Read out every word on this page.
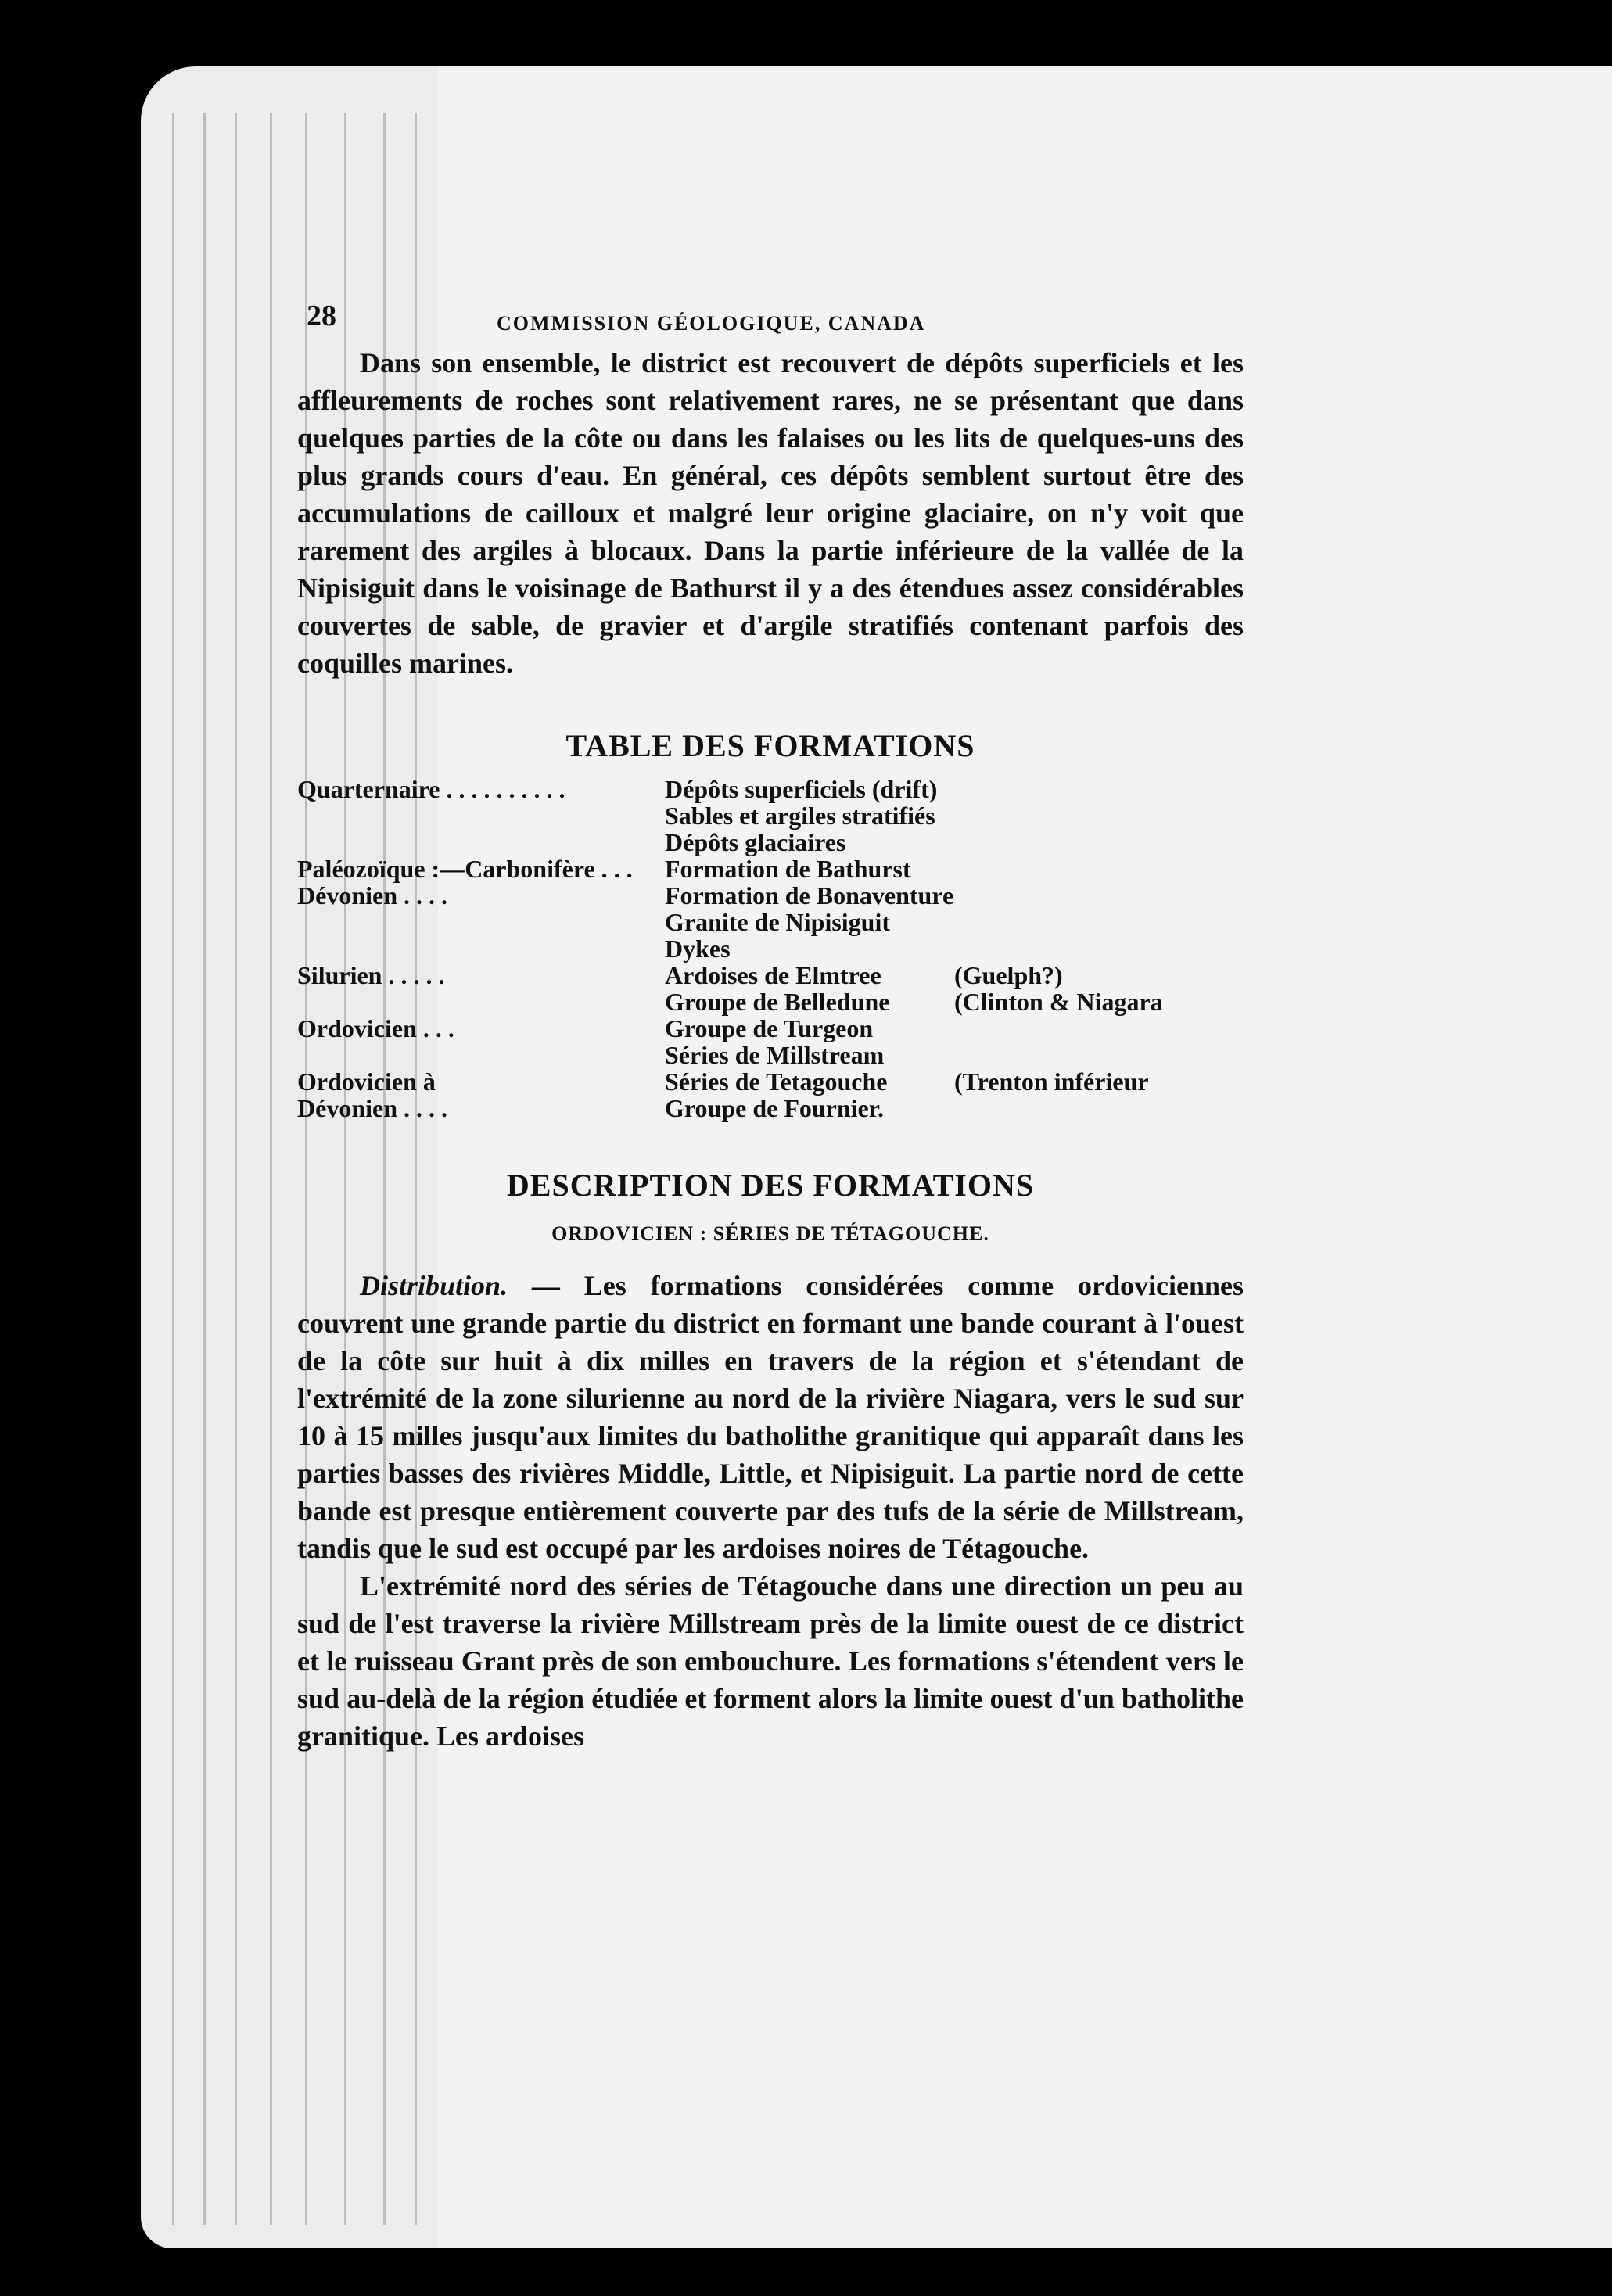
28	COMMISSION GÉOLOGIQUE, CANADA

Dans son ensemble, le district est recouvert de dépôts superficiels et les affleurements de roches sont relativement rares, ne se présentant que dans quelques parties de la côte ou dans les falaises ou les lits de quelques-uns des plus grands cours d'eau. En général, ces dépôts semblent surtout être des accumulations de cailloux et malgré leur origine glaciaire, on n'y voit que rarement des argiles à blocaux. Dans la partie inférieure de la vallée de la Nipisiguit dans le voisinage de Bathurst il y a des étendues assez considérables couvertes de sable, de gravier et d'argile stratifiés contenant parfois des coquilles marines.

TABLE DES FORMATIONS
Quarternaire . . . . . . . . . .	Dépôts superficiels (drift)	
	Sables et argiles stratifiés	
	Dépôts glaciaires	
Paléozoïque :—Carbonifère . . .	Formation de Bathurst	
Dévonien . . . .	Formation de Bonaventure	
	Granite de Nipisiguit	
	Dykes	
Silurien . . . . .	Ardoises de Elmtree	(Guelph?)
	Groupe de Belledune	(Clinton & Niagara
Ordovicien . . .	Groupe de Turgeon	
	Séries de Millstream	
Ordovicien à	Séries de Tetagouche	(Trenton inférieur
Dévonien . . . .	Groupe de Fournier.	
DESCRIPTION DES FORMATIONS
ORDOVICIEN : SÉRIES DE TÉTAGOUCHE.

Distribution. — Les formations considérées comme ordoviciennes couvrent une grande partie du district en formant une bande courant à l'ouest de la côte sur huit à dix milles en travers de la région et s'étendant de l'extrémité de la zone silurienne au nord de la rivière Niagara, vers le sud sur 10 à 15 milles jusqu'aux limites du batholithe granitique qui apparaît dans les parties basses des rivières Middle, Little, et Nipisiguit. La partie nord de cette bande est presque entièrement couverte par des tufs de la série de Millstream, tandis que le sud est occupé par les ardoises noires de Tétagouche.

L'extrémité nord des séries de Tétagouche dans une direction un peu au sud de l'est traverse la rivière Millstream près de la limite ouest de ce district et le ruisseau Grant près de son embouchure. Les formations s'étendent vers le sud au-delà de la région étudiée et forment alors la limite ouest d'un batholithe granitique. Les ardoises
